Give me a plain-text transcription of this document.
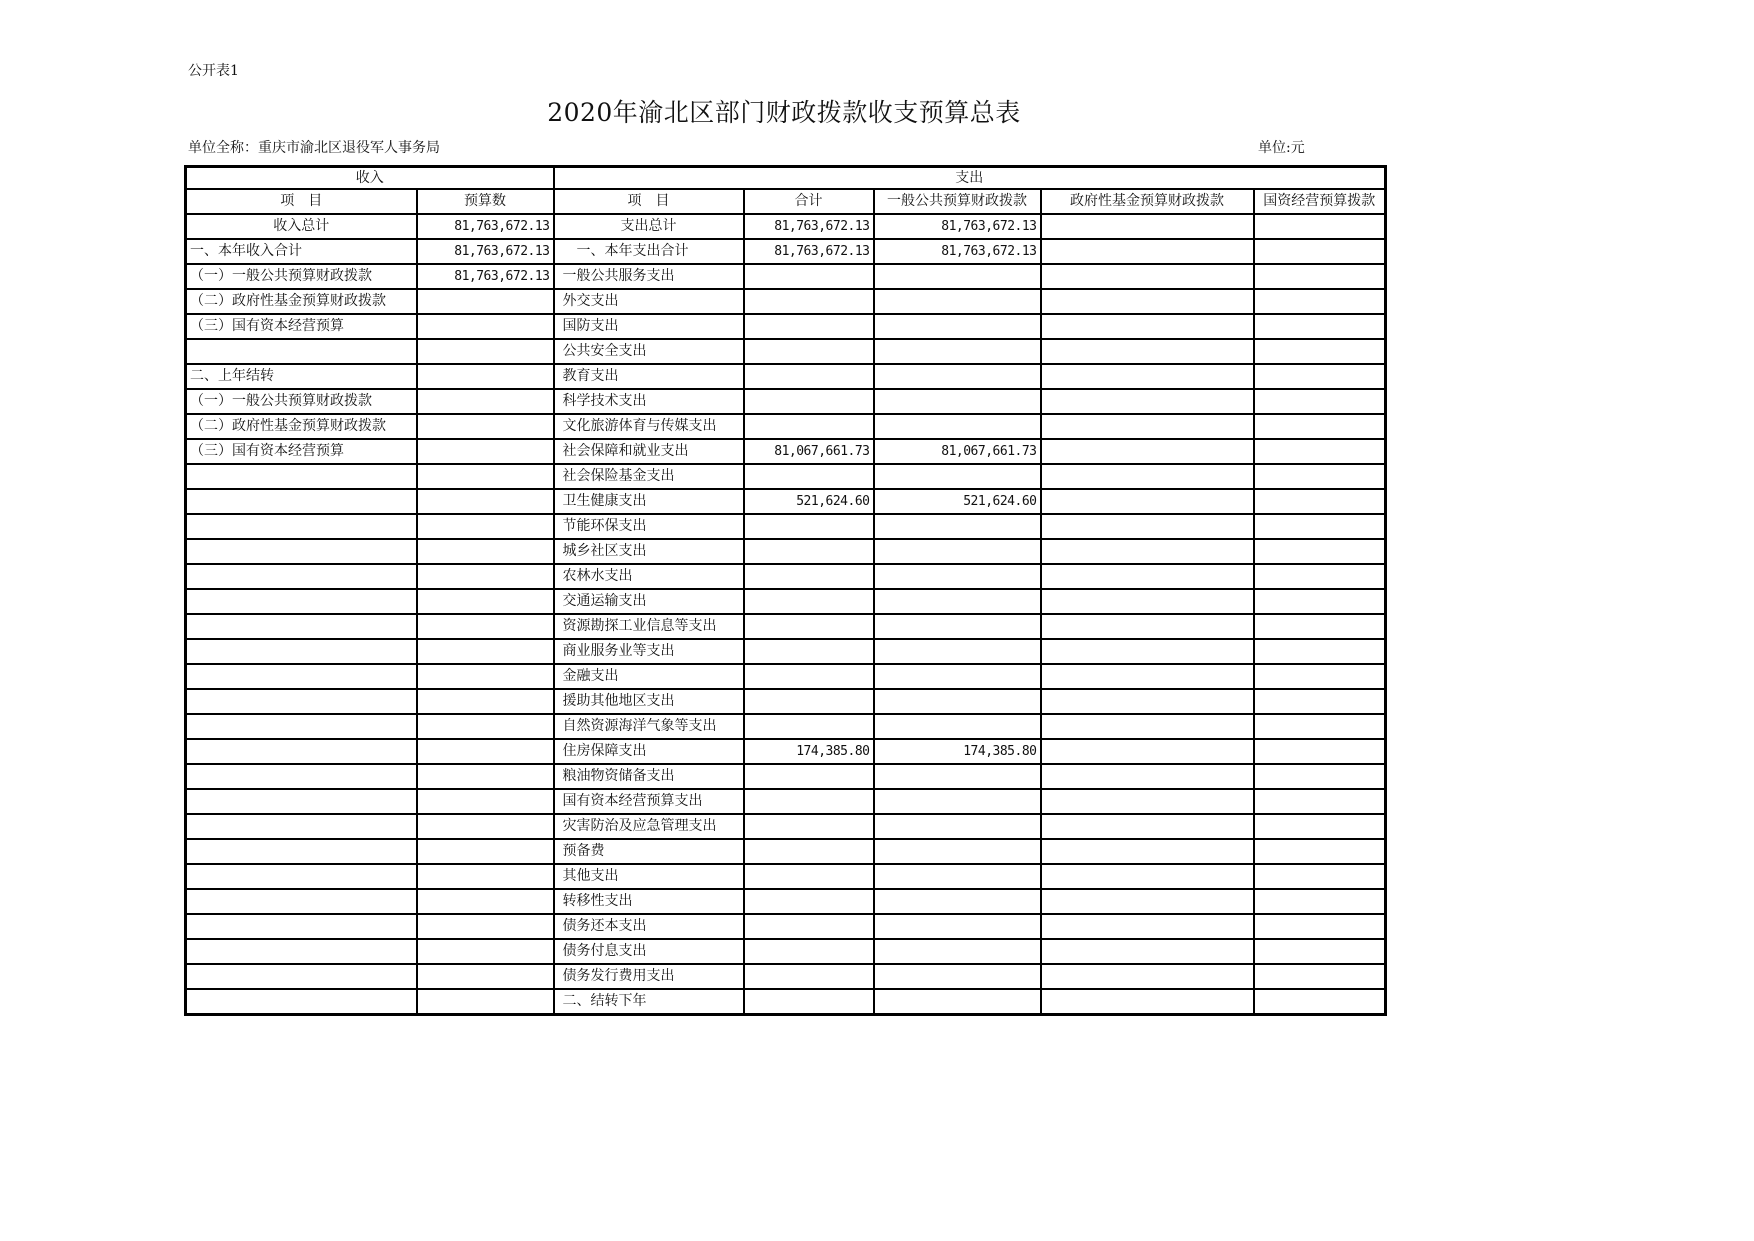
公开表1
2020年渝北区部门财政拨款收支预算总表
单位全称：重庆市渝北区退役军人事务局	单位:元
收入		支出				
项　目	预算数	项　目	合计	一般公共预算财政拨款	政府性基金预算财政拨款	国资经营预算拨款
收入总计	81,763,672.13	支出总计	81,763,672.13	81,763,672.13		
一、本年收入合计	81,763,672.13	　一、本年支出合计	81,763,672.13	81,763,672.13		
（一）一般公共预算财政拨款	81,763,672.13	一般公共服务支出				
（二）政府性基金预算财政拨款		外交支出				
（三）国有资本经营预算		国防支出				
		公共安全支出				
二、上年结转		教育支出				
（一）一般公共预算财政拨款		科学技术支出				
（二）政府性基金预算财政拨款		文化旅游体育与传媒支出				
（三）国有资本经营预算		社会保障和就业支出	81,067,661.73	81,067,661.73		
		社会保险基金支出				
		卫生健康支出	521,624.60	521,624.60		
		节能环保支出				
		城乡社区支出				
		农林水支出				
		交通运输支出				
		资源勘探工业信息等支出				
		商业服务业等支出				
		金融支出				
		援助其他地区支出				
		自然资源海洋气象等支出				
		住房保障支出	174,385.80	174,385.80		
		粮油物资储备支出				
		国有资本经营预算支出				
		灾害防治及应急管理支出				
		预备费				
		其他支出				
		转移性支出				
		债务还本支出				
		债务付息支出				
		债务发行费用支出				
		二、结转下年				
